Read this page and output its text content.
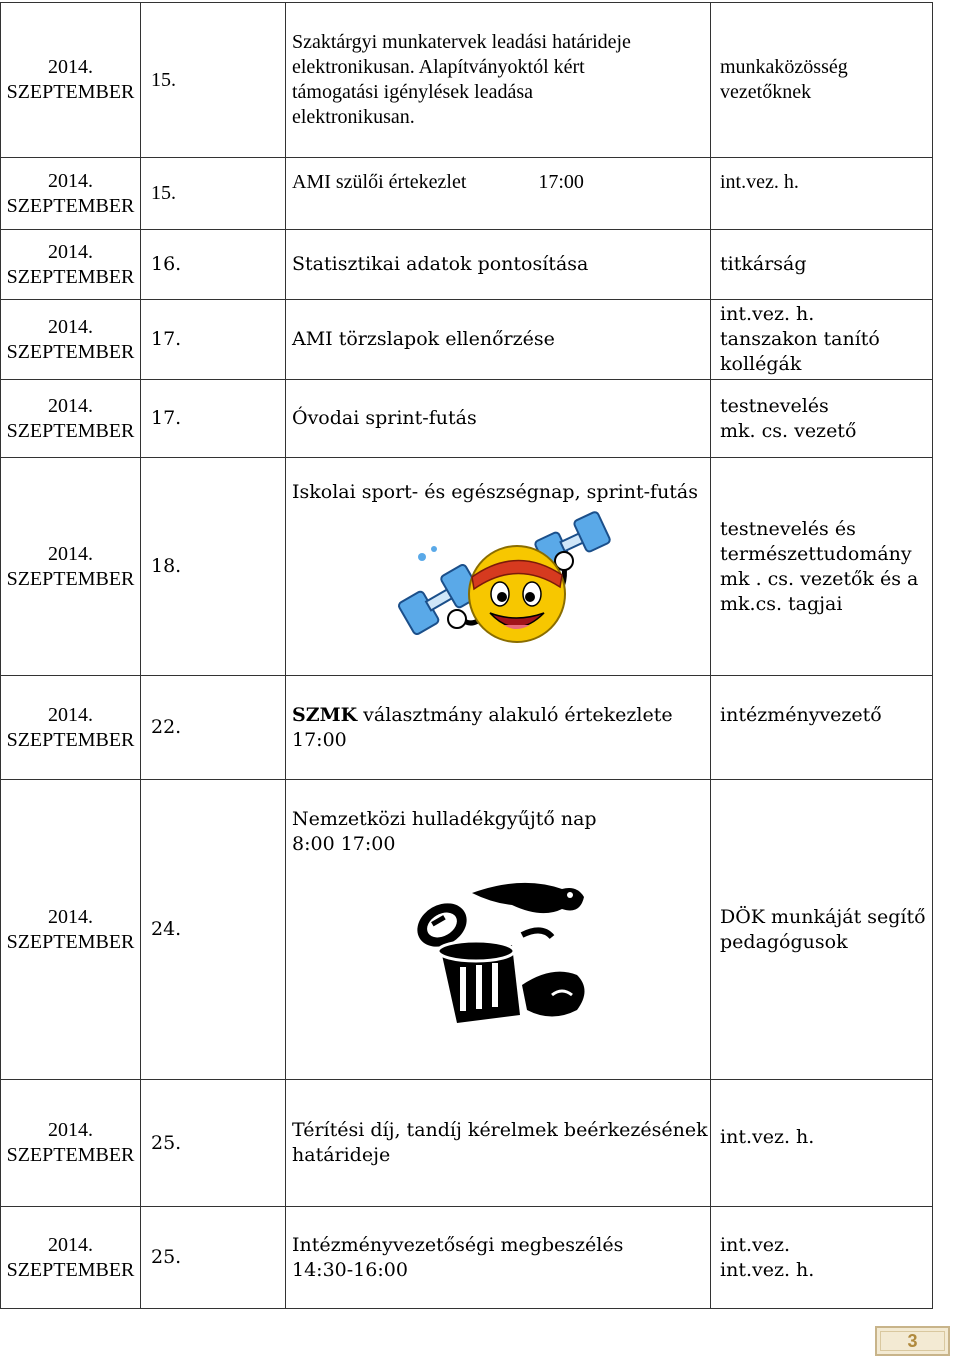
2014.
SZEPTEMBER	15.	Szaktárgyi munkatervek leadási határideje
elektronikusan. Alapítványoktól kért
támogatási igénylések leadása
elektronikusan.	munkaközösség
vezetőknek

2014.
SZEPTEMBER	15.	AMI szülői értekezlet 17:00	int.vez. h.

2014.
SZEPTEMBER	16.	Statisztikai adatok pontosítása	titkárság

2014.
SZEPTEMBER	17.	AMI törzslapok ellenőrzése	int.vez. h.
tanszakon tanító
kollégák

2014.
SZEPTEMBER	17.	Óvodai sprint-futás	testnevelés
mk. cs. vezető

2014.
SZEPTEMBER	18.	Iskolai sport- és egészségnap, sprint-futás	testnevelés és
természettudomány
mk . cs. vezetők és a
mk.cs. tagjai

2014.
SZEPTEMBER	22.	SZMK választmány alakuló értekezlete
17:00	intézményvezető

2014.
SZEPTEMBER	24.	Nemzetközi hulladékgyűjtő nap
8:00 17:00	DÖK munkáját segítő
pedagógusok

2014.
SZEPTEMBER	25.	Térítési díj, tandíj kérelmek beérkezésének
határideje	int.vez. h.

2014.
SZEPTEMBER	25.	Intézményvezetőségi megbeszélés
14:30-16:00	int.vez.
int.vez. h.
3
